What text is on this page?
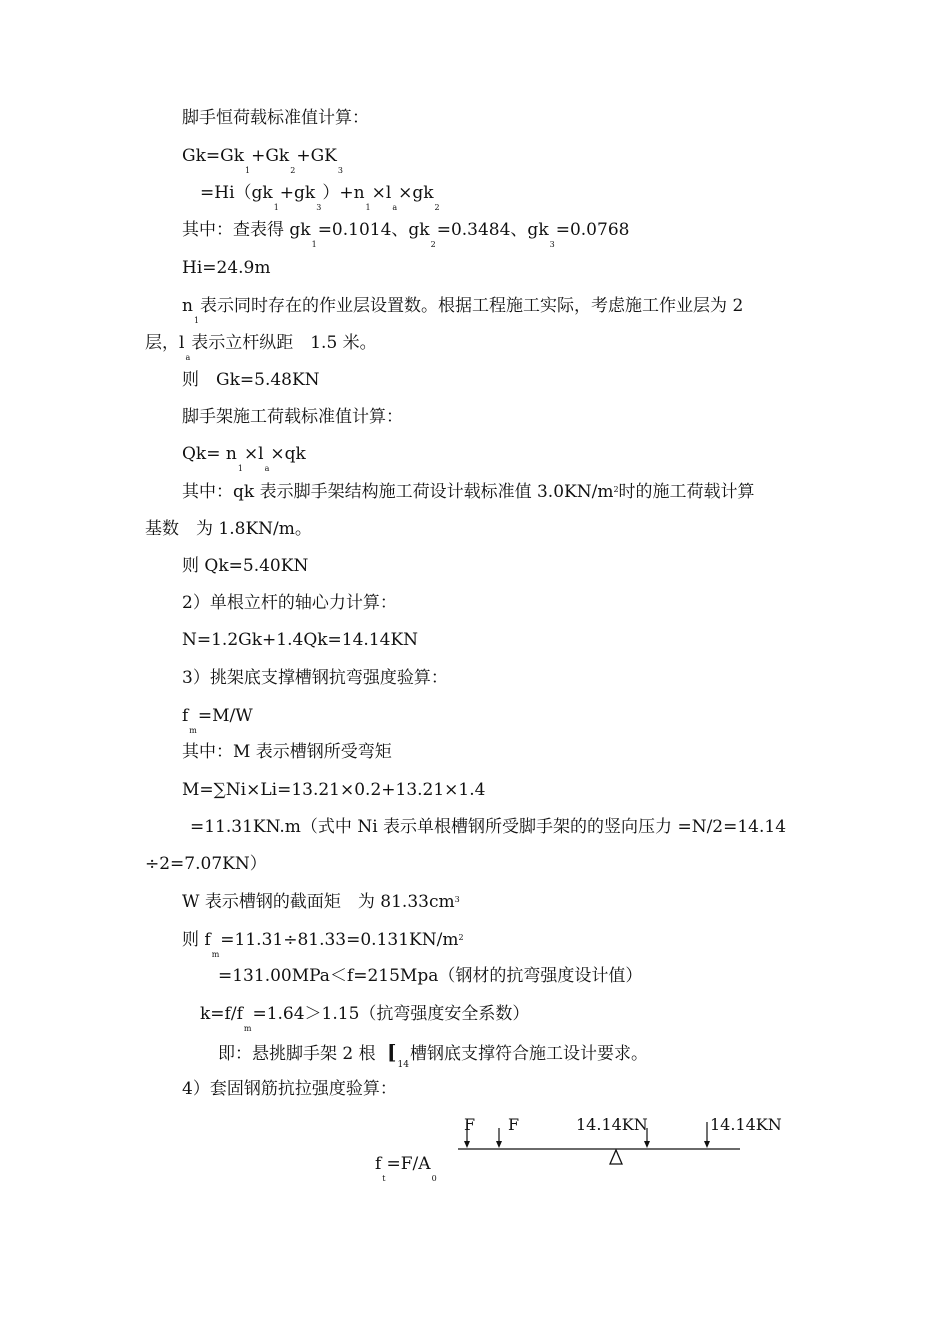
脚手恒荷载标准值计算：
$Gk=Gk_1+Gk_2+GK_3$
$=Hi(gk_1+gk_3)+n_1\times l_a\times gk_2$
其中：查表得 $gk_1=0.1014$、$gk_2=0.3484$、$gk_3=0.0768$
Hi=24.9m
$n_1$表示同时存在的作业层设置数。根据工程施工实际，考虑施工作业层为 2
层，$l_a$表示立杆纵距　1.5 米。
则　Gk=5.48KN
脚手架施工荷载标准值计算：
$Qk= n_1\times l_a\times qk$
其中：qk 表示脚手架结构施工荷设计载标准值 $3.0KN/m^2$时的施工荷载计算
基数　为 1.8KN/m。
则 Qk=5.40KN
2）单根立杆的轴心力计算：
N=1.2Gk+1.4Qk=14.14KN
3）挑架底支撑槽钢抗弯强度验算：
$f_m=M/W$
其中：M 表示槽钢所受弯矩
M=∑Ni×Li=13.21×0.2+13.21×1.4
=11.31KN.m（式中 Ni 表示单根槽钢所受脚手架的的竖向压力 =N/2=14.14
÷2=7.07KN）
W 表示槽钢的截面矩　为 $81.33cm^3$
则 $f_m=11.31\div 81.33=0.131KN/m^2$
=131.00MPa＜f=215Mpa（钢材的抗弯强度设计值）
$k=f/f_m=1.64>1.15$（抗弯强度安全系数）
即：悬挑脚手架 2 根 [$_{14}$槽钢底支撑符合施工设计要求。
4）套固钢筋抗拉强度验算：
$f_t=F/A_0$
F F	14.14KN	14.14KN
